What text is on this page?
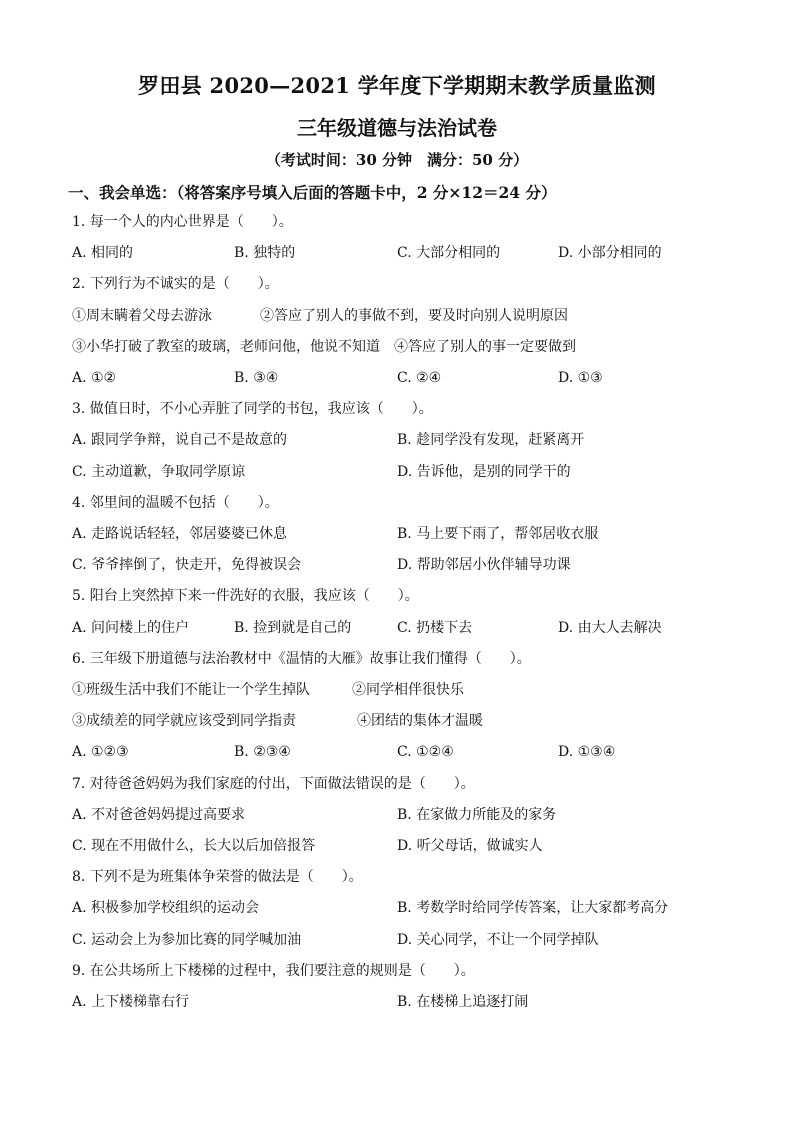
罗田县 2020—2021 学年度下学期期末教学质量监测
三年级道德与法治试卷
（考试时间：30 分钟　满分：50 分）
一、我会单选：（将答案序号填入后面的答题卡中，2 分×12＝24 分）
1. 每一个人的内心世界是（　　）。
A. 相同的	B. 独特的	C. 大部分相同的	D. 小部分相同的
2. 下列行为不诚实的是（　　）。
①周末瞒着父母去游泳	②答应了别人的事做不到，要及时向别人说明原因
③小华打破了教室的玻璃，老师问他，他说不知道 ④答应了别人的事一定要做到
A. ①②	B. ③④	C. ②④	D. ①③
3. 做值日时，不小心弄脏了同学的书包，我应该（　　）。
A. 跟同学争辩，说自己不是故意的	B. 趁同学没有发现，赶紧离开
C. 主动道歉，争取同学原谅	D. 告诉他，是别的同学干的
4. 邻里间的温暖不包括（　　）。
A. 走路说话轻轻，邻居婆婆已休息	B. 马上要下雨了，帮邻居收衣服
C. 爷爷摔倒了，快走开，免得被误会	D. 帮助邻居小伙伴辅导功课
5. 阳台上突然掉下来一件洗好的衣服，我应该（　　）。
A. 问问楼上的住户	B. 捡到就是自己的	C. 扔楼下去	D. 由大人去解决
6. 三年级下册道德与法治教材中《温情的大雁》故事让我们懂得（　　）。
①班级生活中我们不能让一个学生掉队	②同学相伴很快乐
③成绩差的同学就应该受到同学指责	④团结的集体才温暖
A. ①②③	B. ②③④	C. ①②④	D. ①③④
7. 对待爸爸妈妈为我们家庭的付出，下面做法错误的是（　　）。
A. 不对爸爸妈妈提过高要求	B. 在家做力所能及的家务
C. 现在不用做什么，长大以后加倍报答	D. 听父母话，做诚实人
8. 下列不是为班集体争荣誉的做法是（　　）。
A. 积极参加学校组织的运动会	B. 考数学时给同学传答案，让大家都考高分
C. 运动会上为参加比赛的同学喊加油	D. 关心同学，不让一个同学掉队
9. 在公共场所上下楼梯的过程中，我们要注意的规则是（　　）。
A. 上下楼梯靠右行	B. 在楼梯上追逐打闹
